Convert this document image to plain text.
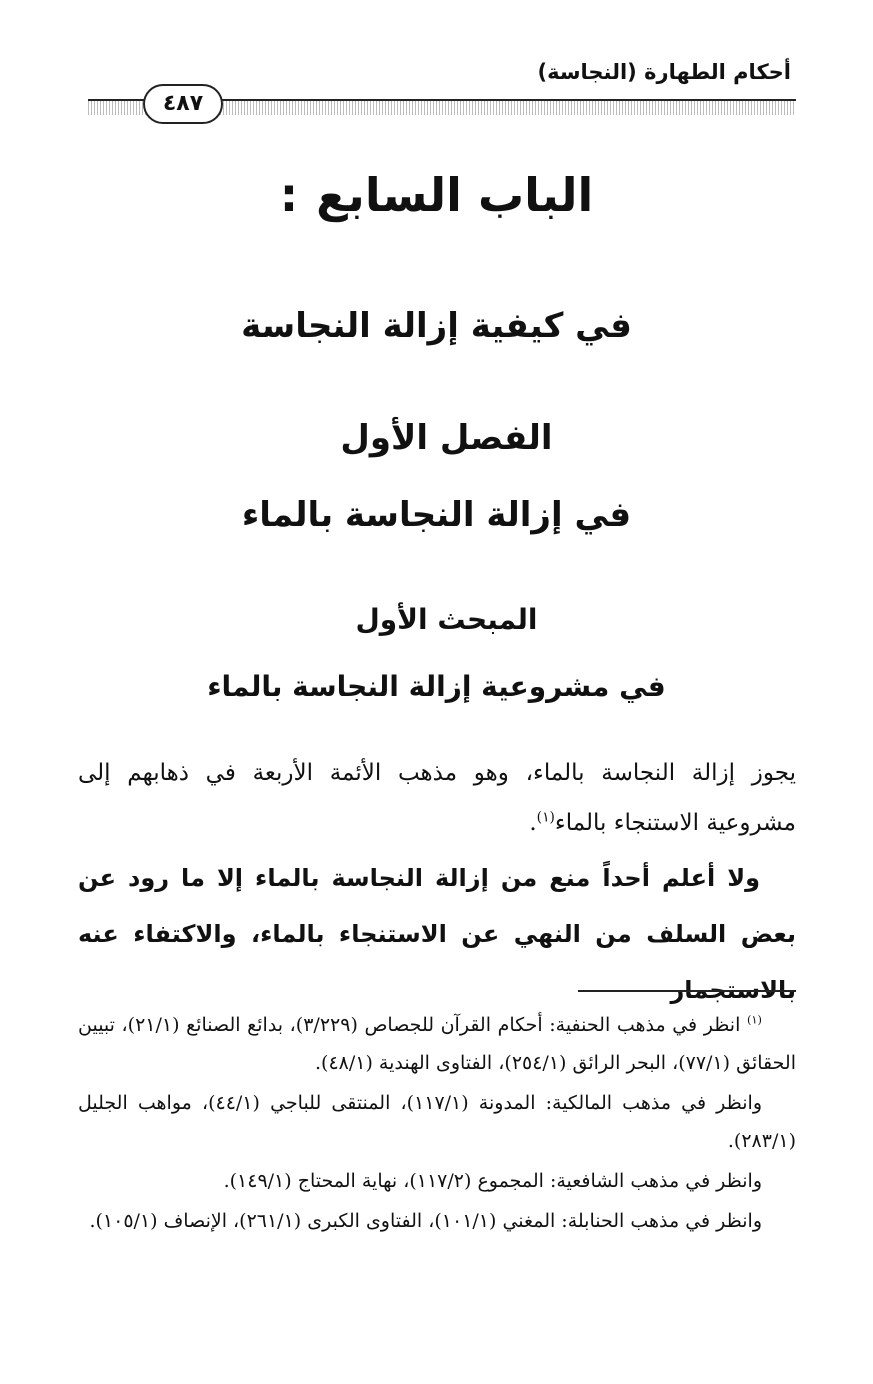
أحكام الطهارة (النجاسة)
٤٨٧
الباب السابع:
في كيفية إزالة النجاسة
الفصل الأول
في إزالة النجاسة بالماء
المبحث الأول
في مشروعية إزالة النجاسة بالماء
يجوز إزالة النجاسة بالماء، وهو مذهب الأئمة الأربعة في ذهابهم إلى مشروعية الاستنجاء بالماء$^{(١)}$.
ولا أعلم أحداً منع من إزالة النجاسة بالماء إلا ما رود عن بعض السلف من النهي عن الاستنجاء بالماء، والاكتفاء عنه بالاستجمار

$^{(١)}$ انظر في مذهب الحنفية: أحكام القرآن للجصاص (٣/٢٢٩)، بدائع الصنائع (٢١/١)، تبيين الحقائق (٧٧/١)، البحر الرائق (٢٥٤/١)، الفتاوى الهندية (٤٨/١).

وانظر في مذهب المالكية: المدونة (١١٧/١)، المنتقى للباجي (٤٤/١)، مواهب الجليل (٢٨٣/١).

وانظر في مذهب الشافعية: المجموع (١١٧/٢)، نهاية المحتاج (١٤٩/١).

وانظر في مذهب الحنابلة: المغني (١٠١/١)، الفتاوى الكبرى (٢٦١/١)، الإنصاف (١٠٥/١).
